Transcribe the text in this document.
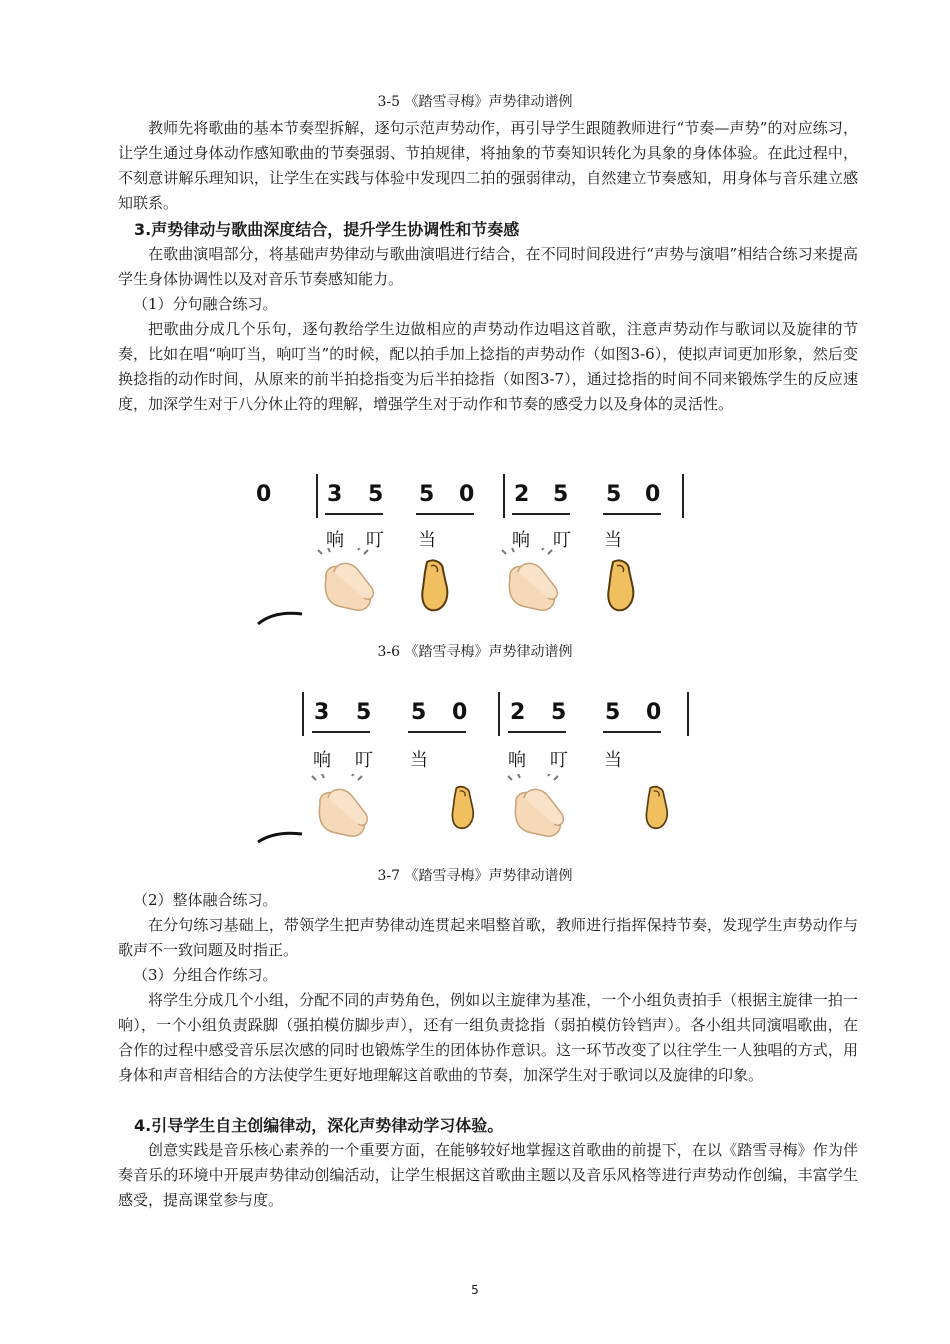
3-5 《踏雪寻梅》声势律动谱例

教师先将歌曲的基本节奏型拆解，逐句示范声势动作，再引导学生跟随教师进行“节奏—声势”的对应练习，让学生通过身体动作感知歌曲的节奏强弱、节拍规律，将抽象的节奏知识转化为具象的身体体验。在此过程中，不刻意讲解乐理知识，让学生在实践与体验中发现四二拍的强弱律动，自然建立节奏感知，用身体与音乐建立感知联系。

3.声势律动与歌曲深度结合，提升学生协调性和节奏感

在歌曲演唱部分，将基础声势律动与歌曲演唱进行结合，在不同时间段进行“声势与演唱”相结合练习来提高学生身体协调性以及对音乐节奏感知能力。

（1）分句融合练习。

把歌曲分成几个乐句，逐句教给学生边做相应的声势动作边唱这首歌，注意声势动作与歌词以及旋律的节奏，比如在唱“响叮当，响叮当”的时候，配以拍手加上捻指的声势动作（如图3-6），使拟声词更加形象，然后变换捻指的动作时间，从原来的前半拍捻指变为后半拍捻指（如图3-7），通过捻指的时间不同来锻炼学生的反应速度，加深学生对于八分休止符的理解，增强学生对于动作和节奏的感受力以及身体的灵活性。

0	3 5 5 0 2 5 5 0
响 叮 当	响 叮 当
3-6 《踏雪寻梅》声势律动谱例
3 5 5 0 2 5 5 0
响 叮 当	响 叮 当
3-7 《踏雪寻梅》声势律动谱例

（2）整体融合练习。

在分句练习基础上，带领学生把声势律动连贯起来唱整首歌，教师进行指挥保持节奏，发现学生声势动作与歌声不一致问题及时指正。

（3）分组合作练习。

将学生分成几个小组，分配不同的声势角色，例如以主旋律为基准，一个小组负责拍手（根据主旋律一拍一响），一个小组负责跺脚（强拍模仿脚步声），还有一组负责捻指（弱拍模仿铃铛声）。各小组共同演唱歌曲，在合作的过程中感受音乐层次感的同时也锻炼学生的团体协作意识。这一环节改变了以往学生一人独唱的方式，用身体和声音相结合的方法使学生更好地理解这首歌曲的节奏，加深学生对于歌词以及旋律的印象。

4.引导学生自主创编律动，深化声势律动学习体验。

创意实践是音乐核心素养的一个重要方面，在能够较好地掌握这首歌曲的前提下，在以《踏雪寻梅》作为伴奏音乐的环境中开展声势律动创编活动，让学生根据这首歌曲主题以及音乐风格等进行声势动作创编，丰富学生感受，提高课堂参与度。

5
